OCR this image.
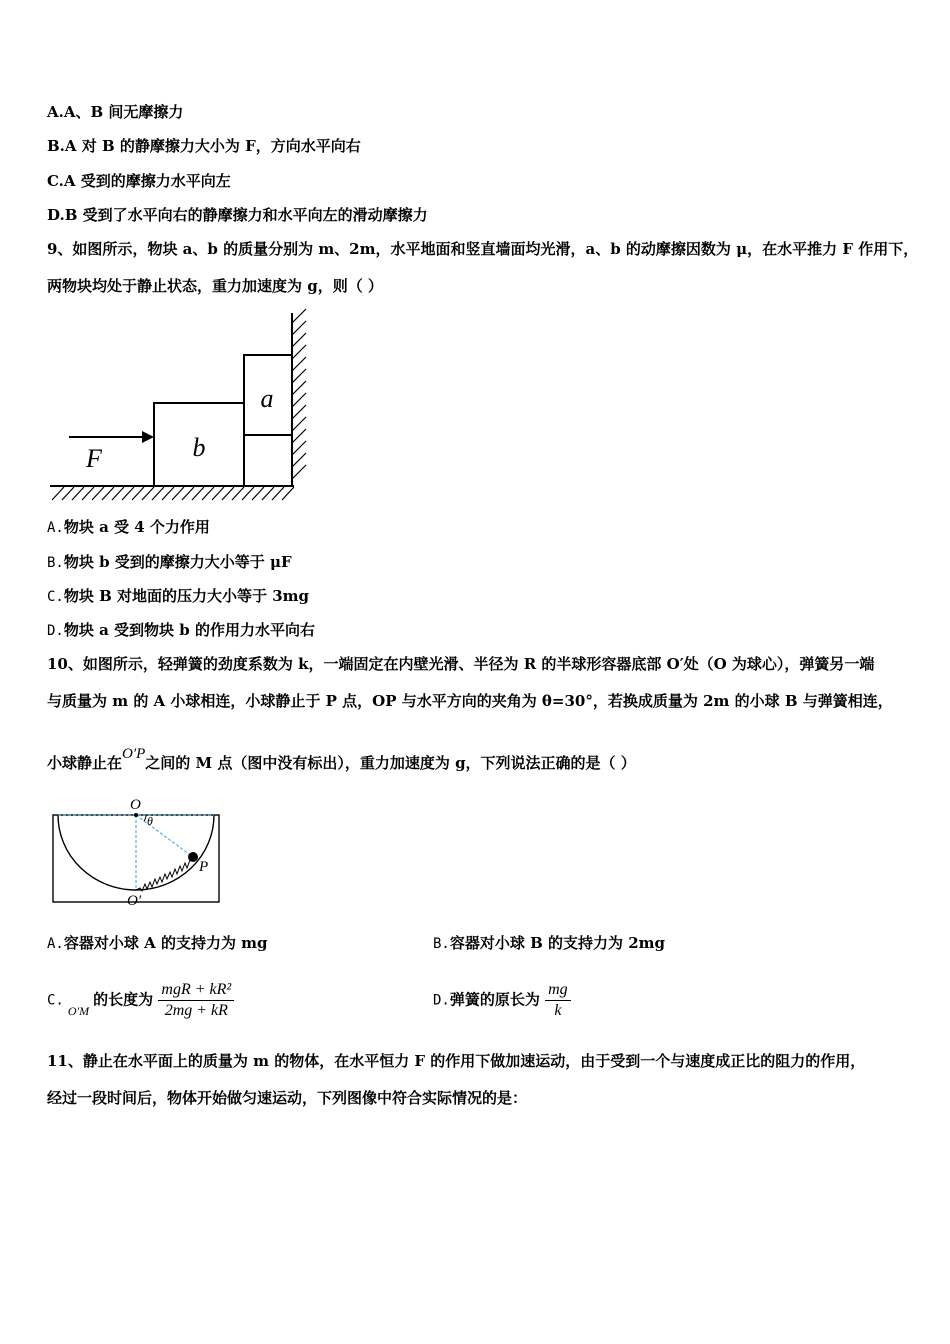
A.A、B 间无摩擦力
B.A 对 B 的静摩擦力大小为 F，方向水平向右
C.A 受到的摩擦力水平向左
D.B 受到了水平向右的静摩擦力和水平向左的滑动摩擦力
9、如图所示，物块 a、b 的质量分别为 m、2m，水平地面和竖直墙面均光滑，a、b 的动摩擦因数为 μ，在水平推力 F 作用下，
两物块均处于静止状态，重力加速度为 g，则（ ）
b
a
F
A.物块 a 受 4 个力作用
B.物块 b 受到的摩擦力大小等于 μF
C.物块 B 对地面的压力大小等于 3mg
D.物块 a 受到物块 b 的作用力水平向右
10、如图所示，轻弹簧的劲度系数为 k，一端固定在内壁光滑、半径为 R 的半球形容器底部 O′处（O 为球心），弹簧另一端
与质量为 m 的 A 小球相连，小球静止于 P 点，OP 与水平方向的夹角为 θ=30°，若换成质量为 2m 的小球 B 与弹簧相连，
小球静止在O′P之间的 M 点（图中没有标出），重力加速度为 g，下列说法正确的是（ ）
O
θ
P
O′
A.容器对小球 A 的支持力为 mg	B.容器对小球 B 的支持力为 2mg
$C._{O'M}$的长度为 $\frac{\text{mgR + kR²}}{2mg + kR}$	D.弹簧的原长为 $\frac{mg}{k}$
11、静止在水平面上的质量为 m 的物体，在水平恒力 F 的作用下做加速运动，由于受到一个与速度成正比的阻力的作用，
经过一段时间后，物体开始做匀速运动，下列图像中符合实际情况的是：
